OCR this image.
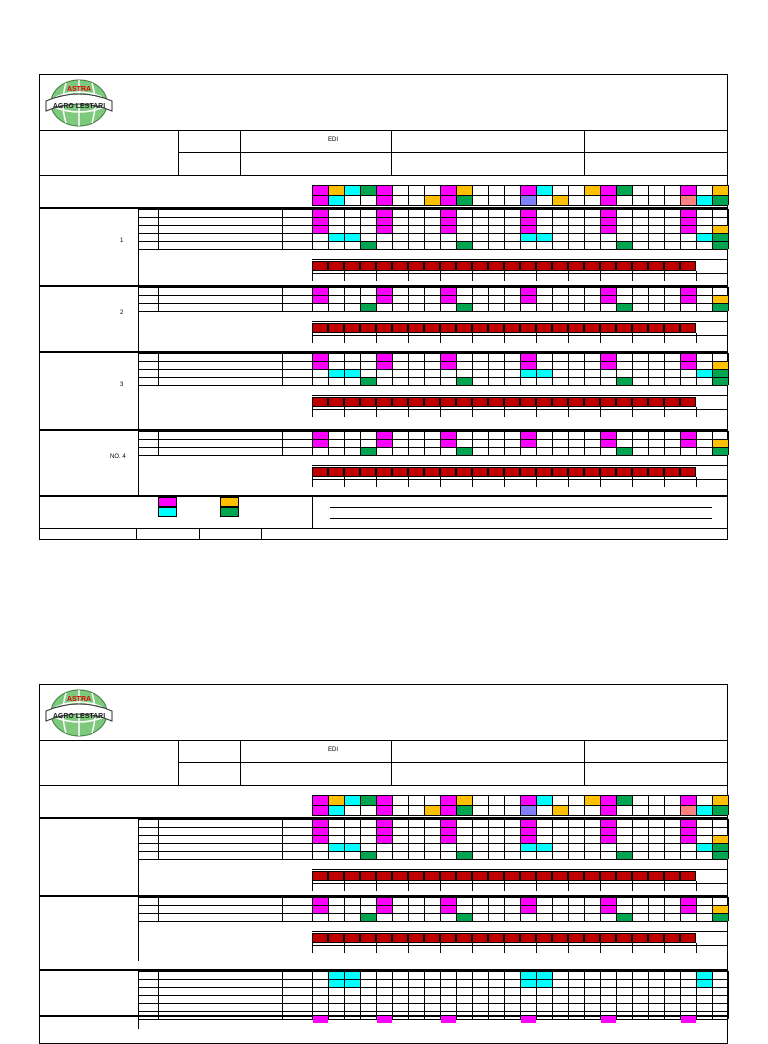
ASTRA
AGRO LESTARI
EDI
1
2
3
NO. 4
ASTRA
AGRO LESTARI
EDI
